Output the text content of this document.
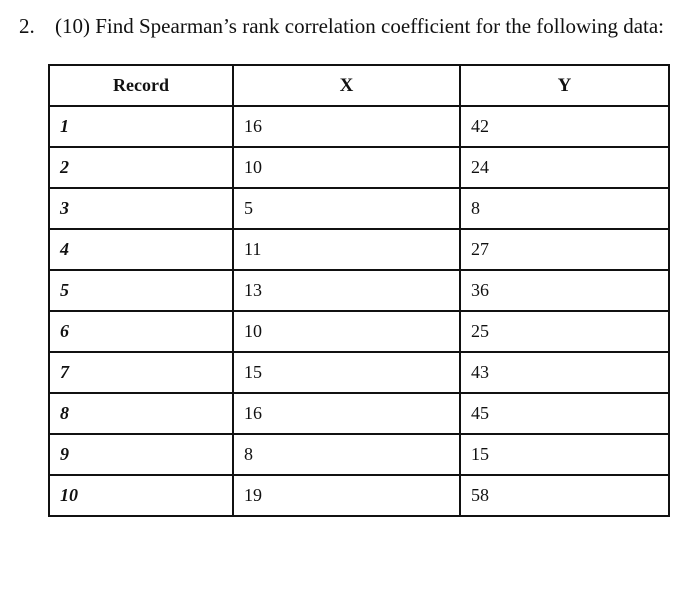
2. (10) Find Spearman’s rank correlation coefficient for the following data:
Record	X	Y
1	16	42
2	10	24
3	5	8
4	11	27
5	13	36
6	10	25
7	15	43
8	16	45
9	8	15
10	19	58
